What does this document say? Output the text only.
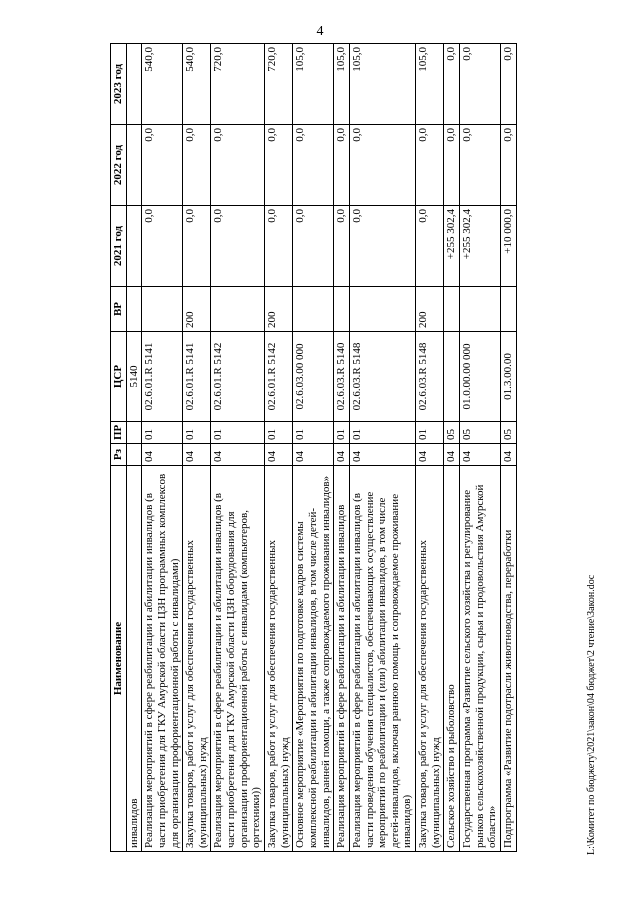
4
Наименование	Рз	ПР	ЦСР	ВР	2021 год	2022 год	2023 год
инвалидов			5140				
Реализация мероприятий в сфере реабилитации и абилитации инвалидов (в части приобретения для ГКУ Амурской области ЦЗН программных комплексов для организации профориентационной работы с инвалидами)	04	01	02.6.01.R 5141		0,0	0,0	540,0
Закупка товаров, работ и услуг для обеспечения государственных (муниципальных) нужд	04	01	02.6.01.R 5141	200	0,0	0,0	540,0
Реализация мероприятий в сфере реабилитации и абилитации инвалидов (в части приобретения для ГКУ Амурской области ЦЗН оборудования для организации профориентационной работы с инвалидами (компьютеров, оргтехники))	04	01	02.6.01.R 5142		0,0	0,0	720,0
Закупка товаров, работ и услуг для обеспечения государственных (муниципальных) нужд	04	01	02.6.01.R 5142	200	0,0	0,0	720,0
Основное мероприятие «Мероприятия по подготовке кадров системы комплексной реабилитации и абилитации инвалидов, в том числе детей-инвалидов, ранней помощи, а также сопровождаемого проживания инвалидов»	04	01	02.6.03.00 000		0,0	0,0	105,0
Реализация мероприятий в сфере реабилитации и абилитации инвалидов	04	01	02.6.03.R 5140		0,0	0,0	105,0
Реализация мероприятий в сфере реабилитации и абилитации инвалидов (в части проведения обучения специалистов, обеспечивающих осуществление мероприятий по реабилитации и (или) абилитации инвалидов, в том числе детей-инвалидов, включая раннюю помощь и сопровождаемое проживание инвалидов)	04	01	02.6.03.R 5148		0,0	0,0	105,0
Закупка товаров, работ и услуг для обеспечения государственных (муниципальных) нужд	04	01	02.6.03.R 5148	200	0,0	0,0	105,0
Сельское хозяйство и рыболовство	04	05			+255 302,4	0,0	0,0
Государственная программа «Развитие сельского хозяйства и регулирование рынков сельскохозяйственной продукции, сырья и продовольствия Амурской области»	04	05	01.0.00.00 000		+255 302,4	0,0	0,0
Подпрограмма «Развитие подотрасли животноводства, переработки	04	05	01.3.00.00		+10 000,0	0,0	0,0
L:\Комитет по бюджету\2021\закон\04 бюджет\2 чтение\Закон.doc
